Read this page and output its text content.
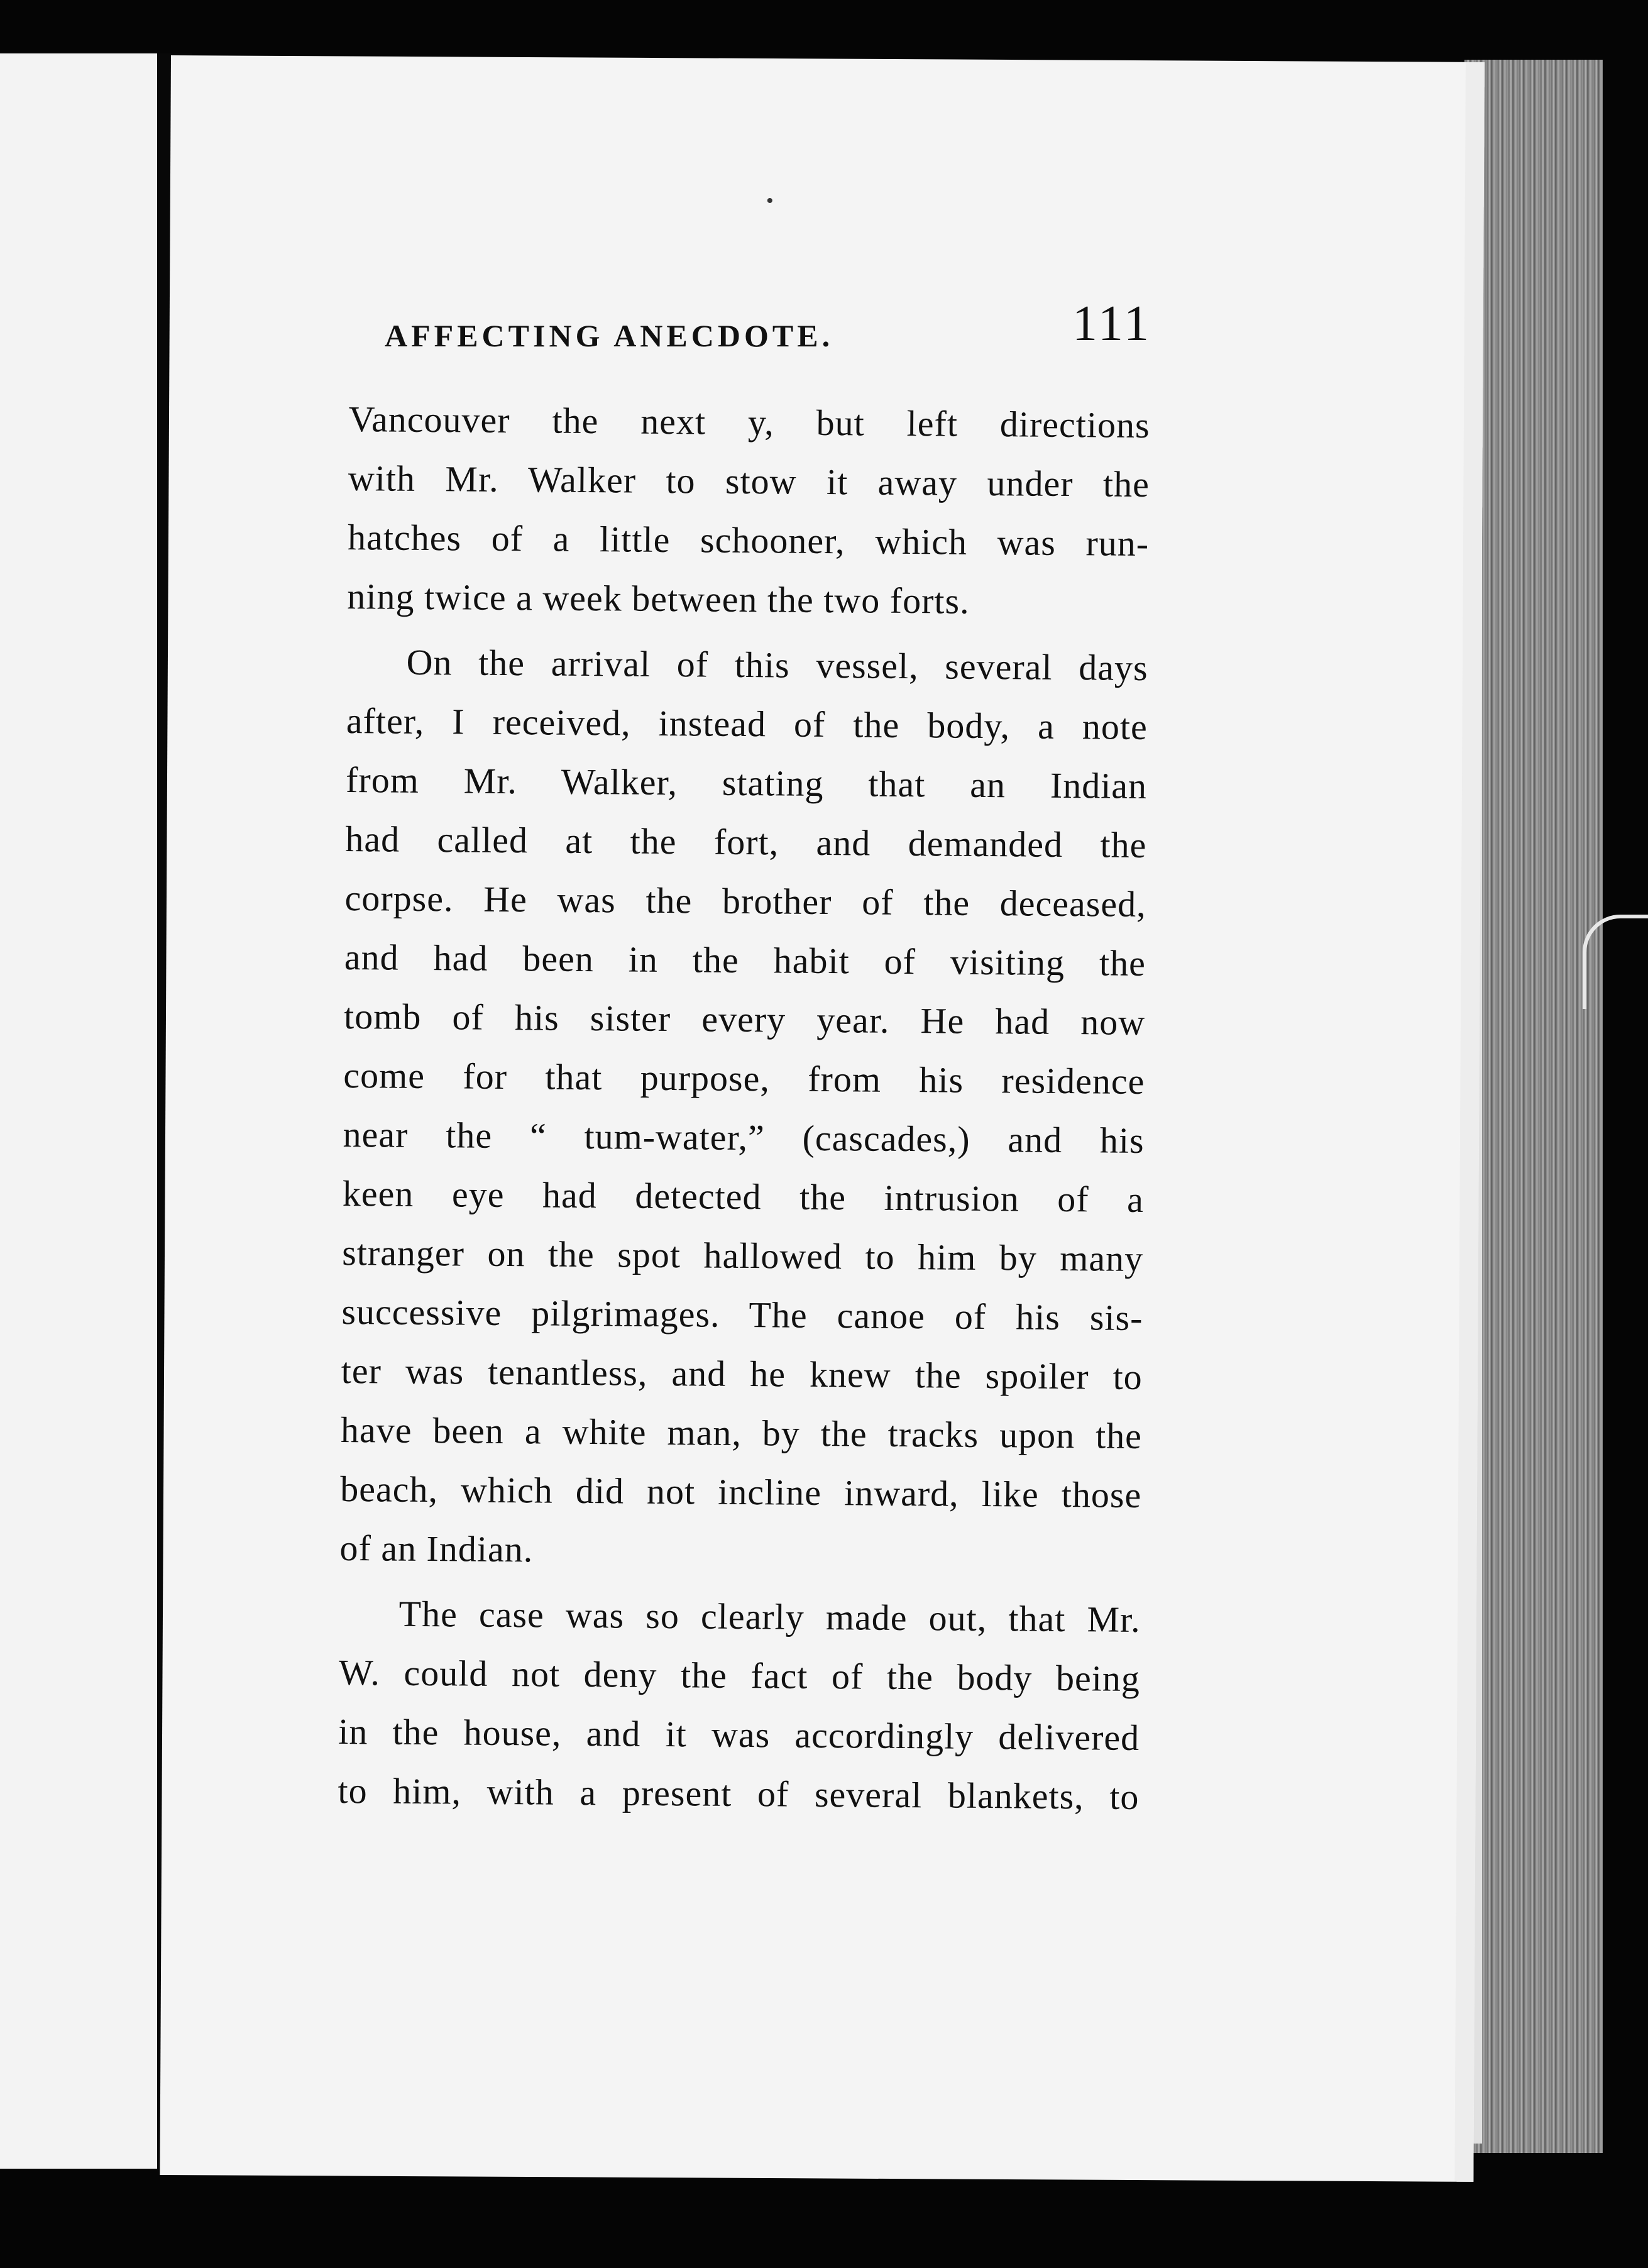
AFFECTING ANECDOTE.	111
Vancouver the next y, but left directions
with Mr. Walker to stow it away under the
hatches of a little schooner, which was run-
ning twice a week between the two forts.
On the arrival of this vessel, several days
after, I received, instead of the body, a note
from Mr. Walker, stating that an Indian
had called at the fort, and demanded the
corpse. He was the brother of the deceased,
and had been in the habit of visiting the
tomb of his sister every year. He had now
come for that purpose, from his residence
near the “ tum-water,” (cascades,) and his
keen eye had detected the intrusion of a
stranger on the spot hallowed to him by many
successive pilgrimages. The canoe of his sis-
ter was tenantless, and he knew the spoiler to
have been a white man, by the tracks upon the
beach, which did not incline inward, like those
of an Indian.
The case was so clearly made out, that Mr.
W. could not deny the fact of the body being
in the house, and it was accordingly delivered
to him, with a present of several blankets, to
